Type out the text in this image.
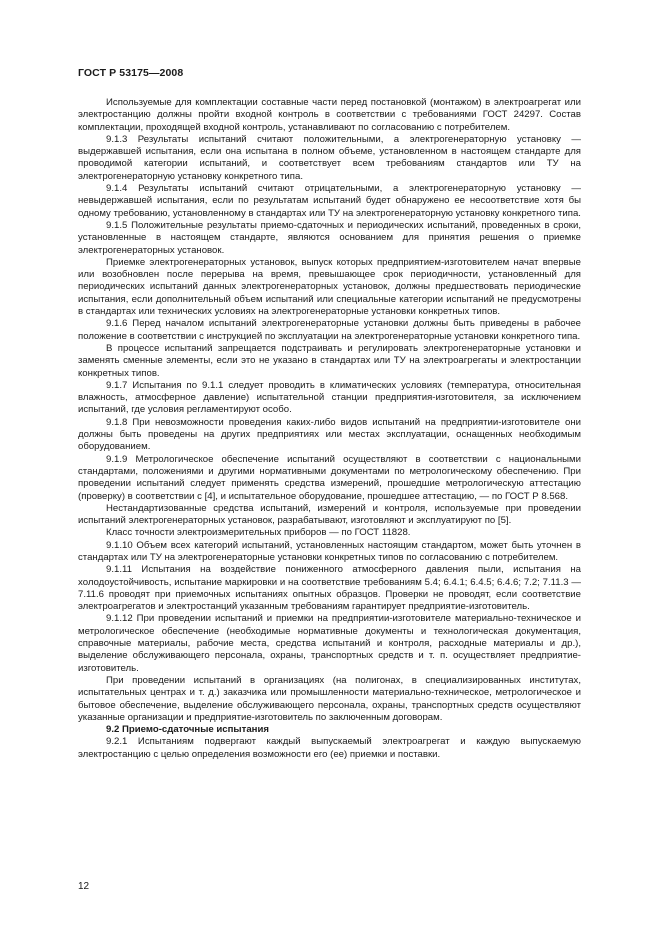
ГОСТ Р 53175—2008

Используемые для комплектации составные части перед постановкой (монтажом) в электроагрегат или электростанцию должны пройти входной контроль в соответствии с требованиями ГОСТ 24297. Состав комплектации, проходящей входной контроль, устанавливают по согласованию с потребителем.

9.1.3 Результаты испытаний считают положительными, а электрогенераторную установку — выдержавшей испытания, если она испытана в полном объеме, установленном в настоящем стандарте для проводимой категории испытаний, и соответствует всем требованиям стандартов или ТУ на электрогенераторную установку конкретного типа.

9.1.4 Результаты испытаний считают отрицательными, а электрогенераторную установку — невыдержавшей испытания, если по результатам испытаний будет обнаружено ее несоответствие хотя бы одному требованию, установленному в стандартах или ТУ на электрогенераторную установку конкретного типа.

9.1.5 Положительные результаты приемо-сдаточных и периодических испытаний, проведенных в сроки, установленные в настоящем стандарте, являются основанием для принятия решения о приемке электрогенераторных установок.

Приемке электрогенераторных установок, выпуск которых предприятием-изготовителем начат впервые или возобновлен после перерыва на время, превышающее срок периодичности, установленный для периодических испытаний данных электрогенераторных установок, должны предшествовать периодические испытания, если дополнительный объем испытаний или специальные категории испытаний не предусмотрены в стандартах или технических условиях на электрогенераторные установки конкретных типов.

9.1.6 Перед началом испытаний электрогенераторные установки должны быть приведены в рабочее положение в соответствии с инструкцией по эксплуатации на электрогенераторные установки конкретного типа.

В процессе испытаний запрещается подстраивать и регулировать электрогенераторные установки и заменять сменные элементы, если это не указано в стандартах или ТУ на электроагрегаты и электростанции конкретных типов.

9.1.7 Испытания по 9.1.1 следует проводить в климатических условиях (температура, относительная влажность, атмосферное давление) испытательной станции предприятия-изготовителя, за исключением испытаний, где условия регламентируют особо.

9.1.8 При невозможности проведения каких-либо видов испытаний на предприятии-изготовителе они должны быть проведены на других предприятиях или местах эксплуатации, оснащенных необходимым оборудованием.

9.1.9 Метрологическое обеспечение испытаний осуществляют в соответствии с национальными стандартами, положениями и другими нормативными документами по метрологическому обеспечению. При проведении испытаний следует применять средства измерений, прошедшие метрологическую аттестацию (проверку) в соответствии с [4], и испытательное оборудование, прошедшее аттестацию, — по ГОСТ Р 8.568.

Нестандартизованные средства испытаний, измерений и контроля, используемые при проведении испытаний электрогенераторных установок, разрабатывают, изготовляют и эксплуатируют по [5].

Класс точности электроизмерительных приборов — по ГОСТ 11828.

9.1.10 Объем всех категорий испытаний, установленных настоящим стандартом, может быть уточнен в стандартах или ТУ на электрогенераторные установки конкретных типов по согласованию с потребителем.

9.1.11 Испытания на воздействие пониженного атмосферного давления пыли, испытания на холодоустойчивость, испытание маркировки и на соответствие требованиям 5.4; 6.4.1; 6.4.5; 6.4.6; 7.2; 7.11.3 — 7.11.6 проводят при приемочных испытаниях опытных образцов. Проверки не проводят, если соответствие электроагрегатов и электростанций указанным требованиям гарантирует предприятие-изготовитель.

9.1.12 При проведении испытаний и приемки на предприятии-изготовителе материально-техническое и метрологическое обеспечение (необходимые нормативные документы и технологическая документация, справочные материалы, рабочие места, средства испытаний и контроля, расходные материалы и др.), выделение обслуживающего персонала, охраны, транспортных средств и т. п. осуществляет предприятие-изготовитель.

При проведении испытаний в организациях (на полигонах, в специализированных институтах, испытательных центрах и т. д.) заказчика или промышленности материально-техническое, метрологическое и бытовое обеспечение, выделение обслуживающего персонала, охраны, транспортных средств осуществляют указанные организации и предприятие-изготовитель по заключенным договорам.

9.2 Приемо-сдаточные испытания

9.2.1 Испытаниям подвергают каждый выпускаемый электроагрегат и каждую выпускаемую электростанцию с целью определения возможности его (ее) приемки и поставки.

12
